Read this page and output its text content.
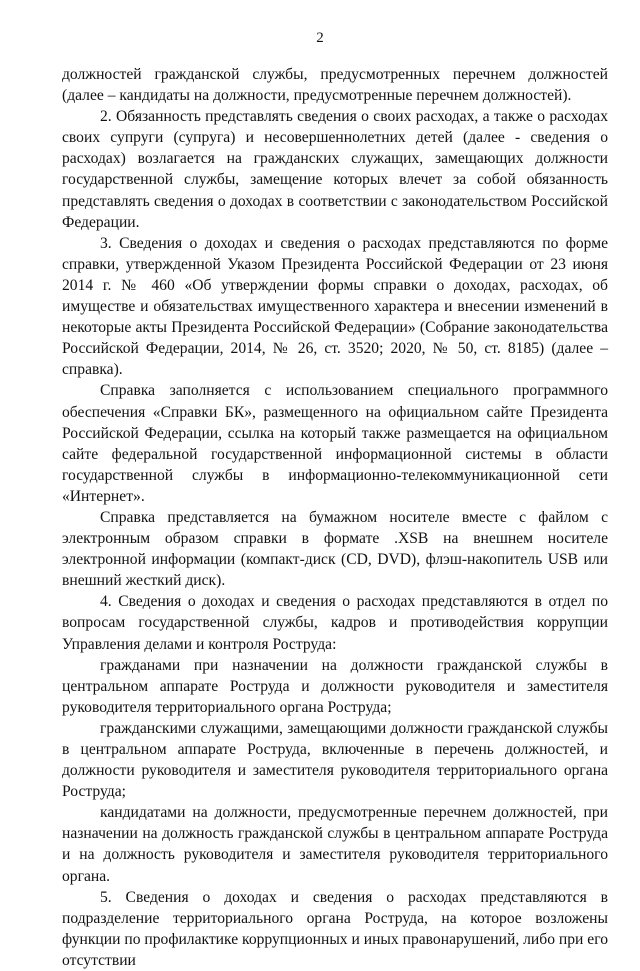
2

должностей гражданской службы, предусмотренных перечнем должностей (далее – кандидаты на должности, предусмотренные перечнем должностей).

2. Обязанность представлять сведения о своих расходах, а также о расходах своих супруги (супруга) и несовершеннолетних детей (далее - сведения о расходах) возлагается на гражданских служащих, замещающих должности государственной службы, замещение которых влечет за собой обязанность представлять сведения о доходах в соответствии с законодательством Российской Федерации.

3. Сведения о доходах и сведения о расходах представляются по форме справки, утвержденной Указом Президента Российской Федерации от 23 июня 2014 г. № 460 «Об утверждении формы справки о доходах, расходах, об имуществе и обязательствах имущественного характера и внесении изменений в некоторые акты Президента Российской Федерации» (Собрание законодательства Российской Федерации, 2014, № 26, ст. 3520; 2020, № 50, ст. 8185) (далее – справка).

Справка заполняется с использованием специального программного обеспечения «Справки БК», размещенного на официальном сайте Президента Российской Федерации, ссылка на который также размещается на официальном сайте федеральной государственной информационной системы в области государственной службы в информационно-телекоммуникационной сети «Интернет».

Справка представляется на бумажном носителе вместе с файлом с электронным образом справки в формате .XSB на внешнем носителе электронной информации (компакт-диск (CD, DVD), флэш-накопитель USB или внешний жесткий диск).

4. Сведения о доходах и сведения о расходах представляются в отдел по вопросам государственной службы, кадров и противодействия коррупции Управления делами и контроля Роструда:

гражданами при назначении на должности гражданской службы в центральном аппарате Роструда и должности руководителя и заместителя руководителя территориального органа Роструда;

гражданскими служащими, замещающими должности гражданской службы в центральном аппарате Роструда, включенные в перечень должностей, и должности руководителя и заместителя руководителя территориального органа Роструда;

кандидатами на должности, предусмотренные перечнем должностей, при назначении на должность гражданской службы в центральном аппарате Роструда и на должность руководителя и заместителя руководителя территориального органа.

5. Сведения о доходах и сведения о расходах представляются в подразделение территориального органа Роструда, на которое возложены функции по профилактике коррупционных и иных правонарушений, либо при его отсутствии
